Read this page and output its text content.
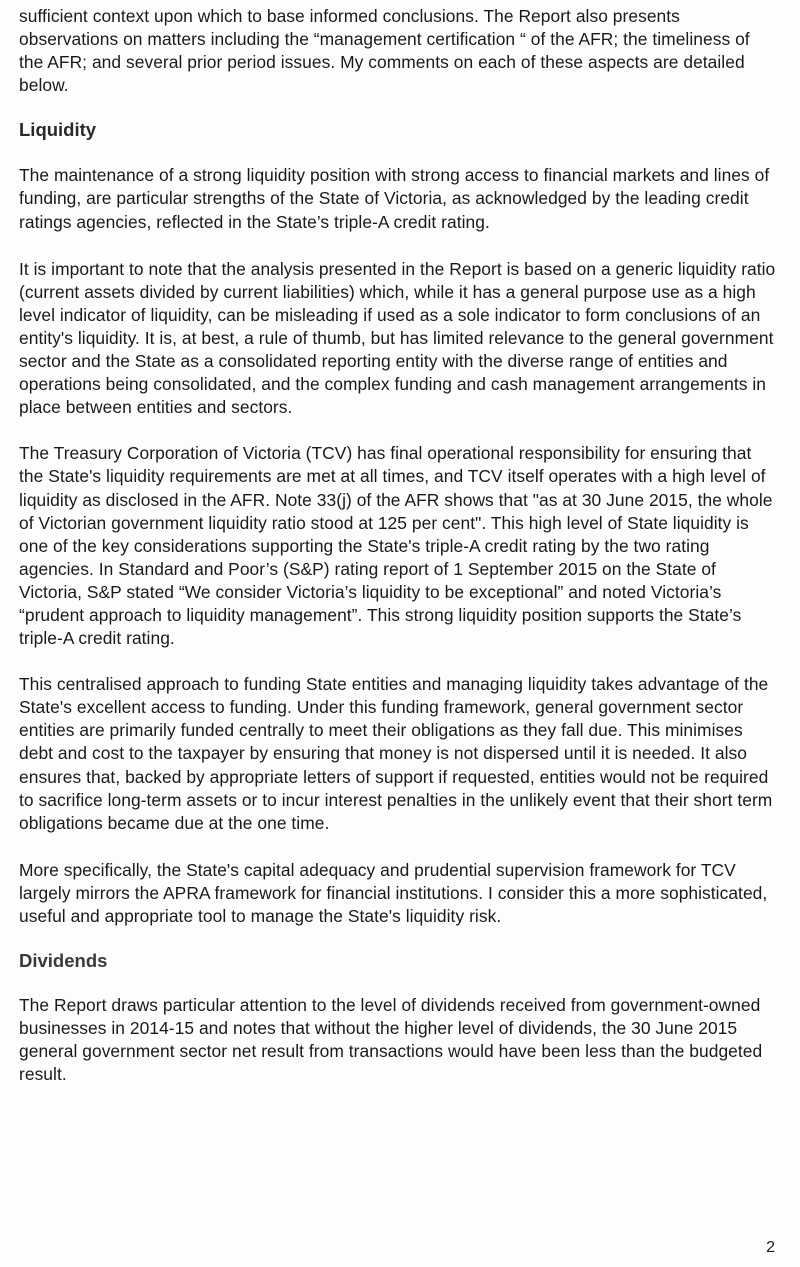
sufficient context upon which to base informed conclusions. The Report also presents observations on matters including the “management certification “ of the AFR; the timeliness of the AFR; and several prior period issues. My comments on each of these aspects are detailed below.

Liquidity

The maintenance of a strong liquidity position with strong access to financial markets and lines of funding, are particular strengths of the State of Victoria, as acknowledged by the leading credit ratings agencies, reflected in the State’s triple-A credit rating.

It is important to note that the analysis presented in the Report is based on a generic liquidity ratio (current assets divided by current liabilities) which, while it has a general purpose use as a high level indicator of liquidity, can be misleading if used as a sole indicator to form conclusions of an entity's liquidity. It is, at best, a rule of thumb, but has limited relevance to the general government sector and the State as a consolidated reporting entity with the diverse range of entities and operations being consolidated, and the complex funding and cash management arrangements in place between entities and sectors.

The Treasury Corporation of Victoria (TCV) has final operational responsibility for ensuring that the State's liquidity requirements are met at all times, and TCV itself operates with a high level of liquidity as disclosed in the AFR. Note 33(j) of the AFR shows that "as at 30 June 2015, the whole of Victorian government liquidity ratio stood at 125 per cent". This high level of State liquidity is one of the key considerations supporting the State's triple-A credit rating by the two rating agencies. In Standard and Poor’s (S&P) rating report of 1 September 2015 on the State of Victoria, S&P stated “We consider Victoria’s liquidity to be exceptional” and noted Victoria’s “prudent approach to liquidity management”. This strong liquidity position supports the State’s triple-A credit rating.

This centralised approach to funding State entities and managing liquidity takes advantage of the State's excellent access to funding. Under this funding framework, general government sector entities are primarily funded centrally to meet their obligations as they fall due. This minimises debt and cost to the taxpayer by ensuring that money is not dispersed until it is needed. It also ensures that, backed by appropriate letters of support if requested, entities would not be required to sacrifice long-term assets or to incur interest penalties in the unlikely event that their short term obligations became due at the one time.

More specifically, the State's capital adequacy and prudential supervision framework for TCV largely mirrors the APRA framework for financial institutions. I consider this a more sophisticated, useful and appropriate tool to manage the State's liquidity risk.

Dividends

The Report draws particular attention to the level of dividends received from government-owned businesses in 2014-15 and notes that without the higher level of dividends, the 30 June 2015 general government sector net result from transactions would have been less than the budgeted result.

2
